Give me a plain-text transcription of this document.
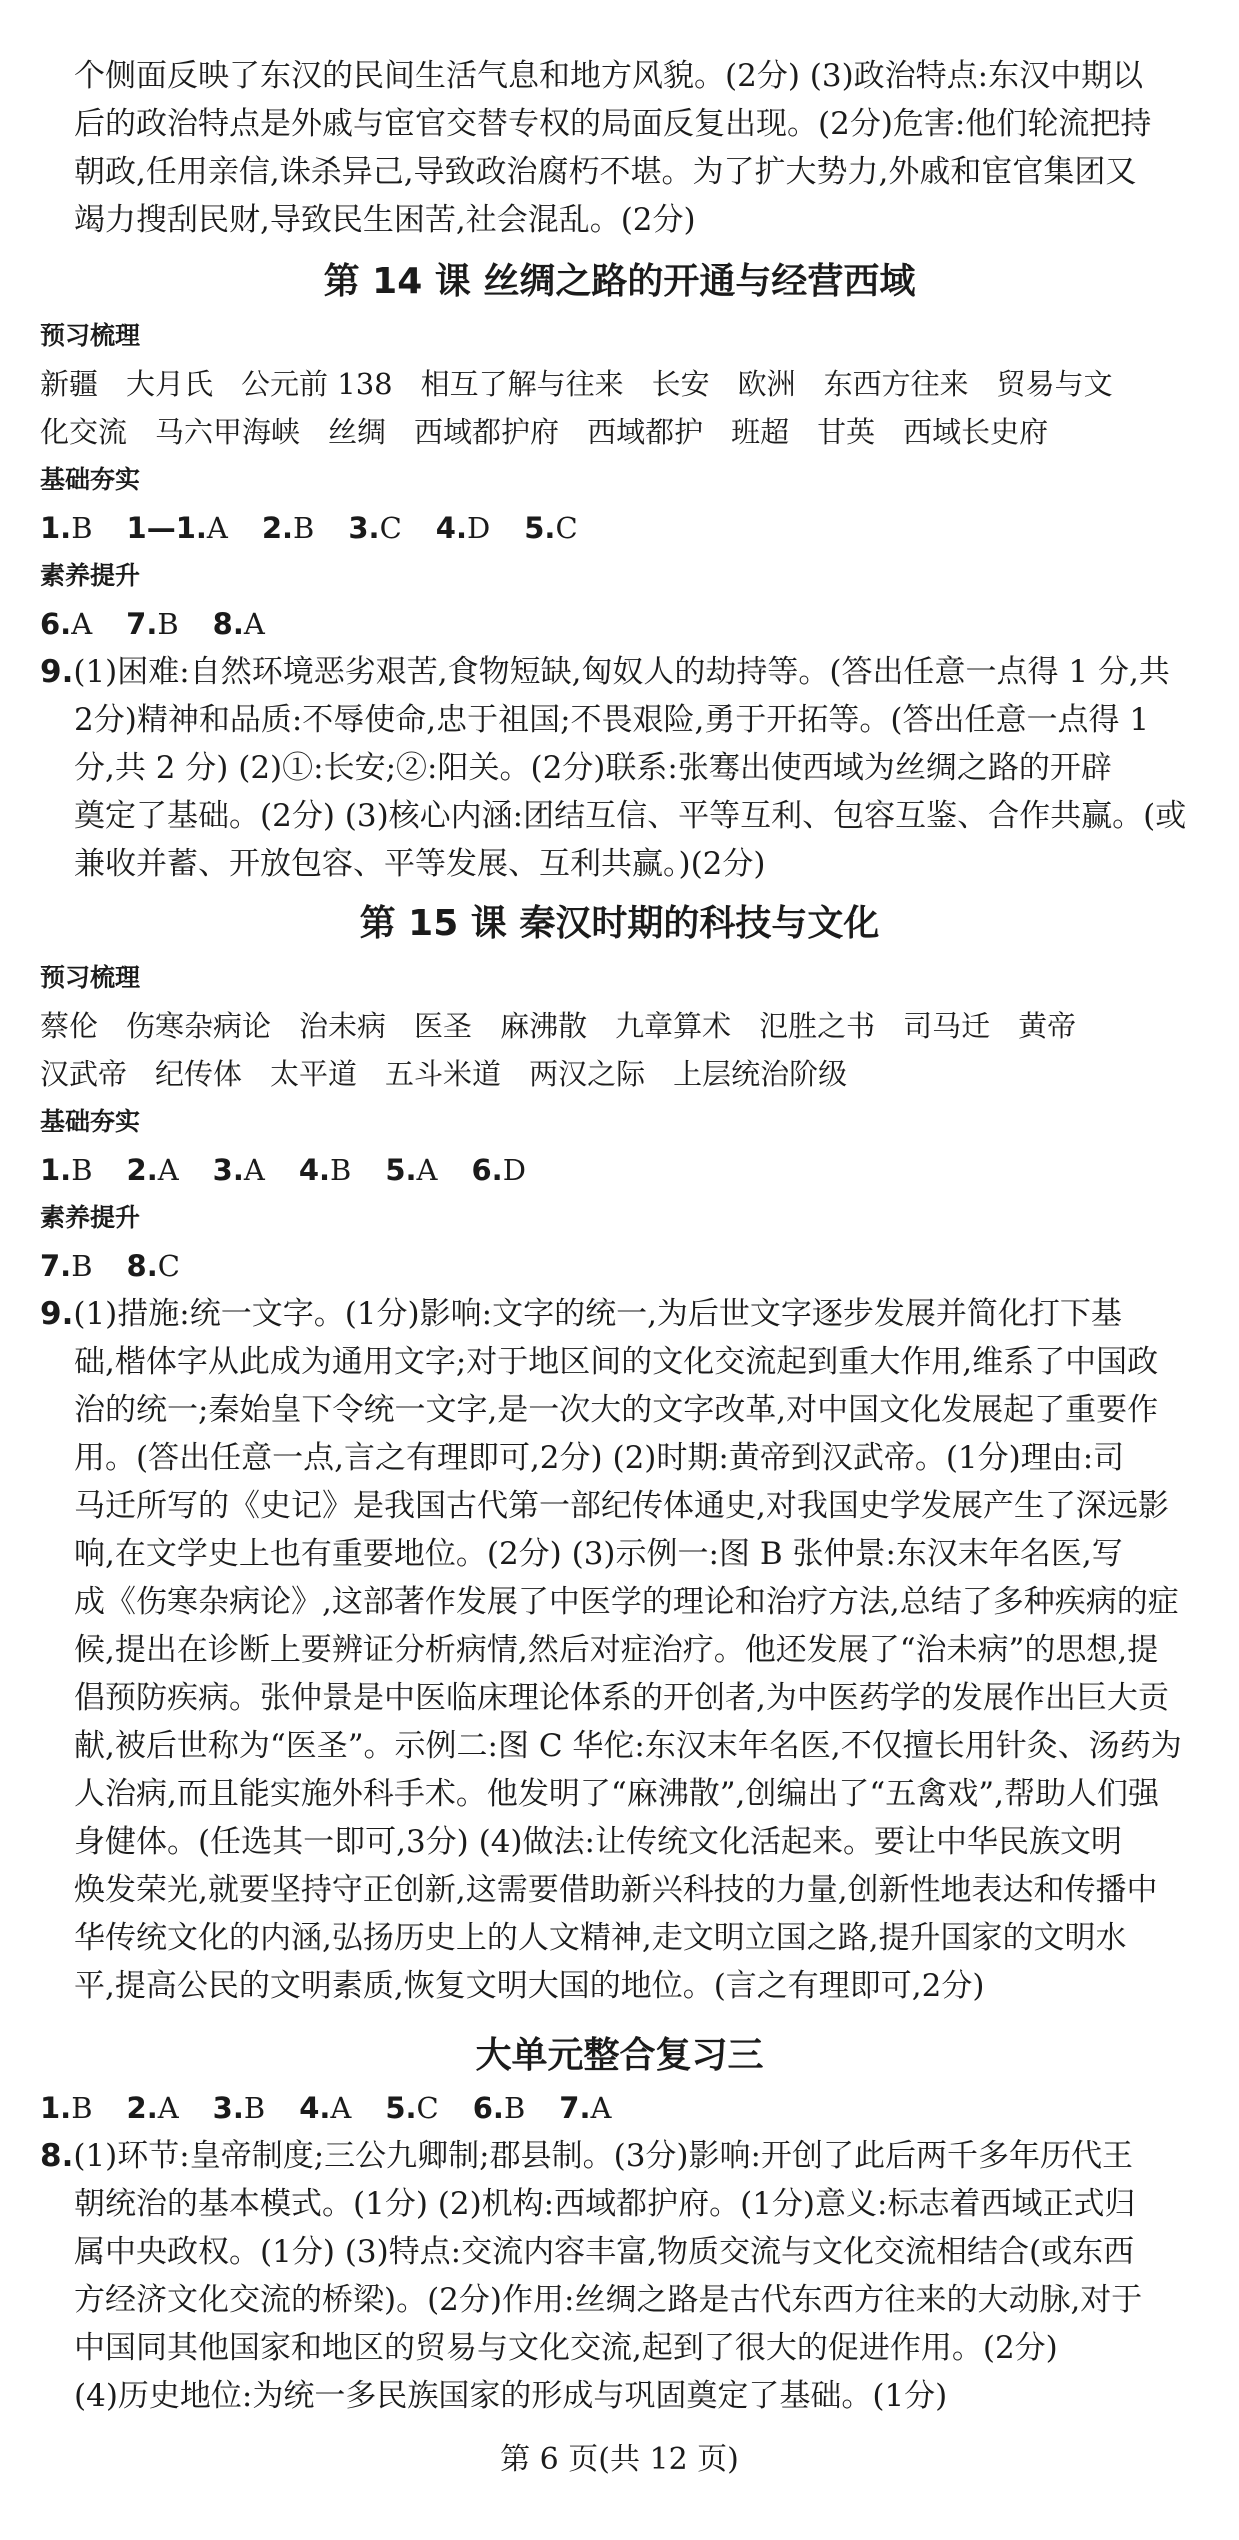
个侧面反映了东汉的民间生活气息和地方风貌。(2分) (3)政治特点:东汉中期以
后的政治特点是外戚与宦官交替专权的局面反复出现。(2分)危害:他们轮流把持
朝政,任用亲信,诛杀异己,导致政治腐朽不堪。为了扩大势力,外戚和宦官集团又
竭力搜刮民财,导致民生困苦,社会混乱。(2分)
第 14 课 丝绸之路的开通与经营西域
预习梳理
新疆 大月氏 公元前 138 相互了解与往来 长安 欧洲 东西方往来 贸易与文
化交流 马六甲海峡 丝绸 西域都护府 西域都护 班超 甘英 西域长史府
基础夯实
1.B 1—1.A 2.B 3.C 4.D 5.C
素养提升
6.A 7.B 8.A
9.(1)困难:自然环境恶劣艰苦,食物短缺,匈奴人的劫持等。(答出任意一点得 1 分,共
2分)精神和品质:不辱使命,忠于祖国;不畏艰险,勇于开拓等。(答出任意一点得 1
分,共 2 分) (2)①:长安;②:阳关。(2分)联系:张骞出使西域为丝绸之路的开辟
奠定了基础。(2分) (3)核心内涵:团结互信、平等互利、包容互鉴、合作共赢。(或
兼收并蓄、开放包容、平等发展、互利共赢。)(2分)
第 15 课 秦汉时期的科技与文化
预习梳理
蔡伦 伤寒杂病论 治未病 医圣 麻沸散 九章算术 氾胜之书 司马迁 黄帝
汉武帝 纪传体 太平道 五斗米道 两汉之际 上层统治阶级
基础夯实
1.B 2.A 3.A 4.B 5.A 6.D
素养提升
7.B 8.C
9.(1)措施:统一文字。(1分)影响:文字的统一,为后世文字逐步发展并简化打下基
础,楷体字从此成为通用文字;对于地区间的文化交流起到重大作用,维系了中国政
治的统一;秦始皇下令统一文字,是一次大的文字改革,对中国文化发展起了重要作
用。(答出任意一点,言之有理即可,2分) (2)时期:黄帝到汉武帝。(1分)理由:司
马迁所写的《史记》是我国古代第一部纪传体通史,对我国史学发展产生了深远影
响,在文学史上也有重要地位。(2分) (3)示例一:图 B 张仲景:东汉末年名医,写
成《伤寒杂病论》,这部著作发展了中医学的理论和治疗方法,总结了多种疾病的症
候,提出在诊断上要辨证分析病情,然后对症治疗。他还发展了“治未病”的思想,提
倡预防疾病。张仲景是中医临床理论体系的开创者,为中医药学的发展作出巨大贡
献,被后世称为“医圣”。示例二:图 C 华佗:东汉末年名医,不仅擅长用针灸、汤药为
人治病,而且能实施外科手术。他发明了“麻沸散”,创编出了“五禽戏”,帮助人们强
身健体。(任选其一即可,3分) (4)做法:让传统文化活起来。要让中华民族文明
焕发荣光,就要坚持守正创新,这需要借助新兴科技的力量,创新性地表达和传播中
华传统文化的内涵,弘扬历史上的人文精神,走文明立国之路,提升国家的文明水
平,提高公民的文明素质,恢复文明大国的地位。(言之有理即可,2分)
大单元整合复习三
1.B 2.A 3.B 4.A 5.C 6.B 7.A
8.(1)环节:皇帝制度;三公九卿制;郡县制。(3分)影响:开创了此后两千多年历代王
朝统治的基本模式。(1分) (2)机构:西域都护府。(1分)意义:标志着西域正式归
属中央政权。(1分) (3)特点:交流内容丰富,物质交流与文化交流相结合(或东西
方经济文化交流的桥梁)。(2分)作用:丝绸之路是古代东西方往来的大动脉,对于
中国同其他国家和地区的贸易与文化交流,起到了很大的促进作用。(2分)
(4)历史地位:为统一多民族国家的形成与巩固奠定了基础。(1分)
第 6 页(共 12 页)
